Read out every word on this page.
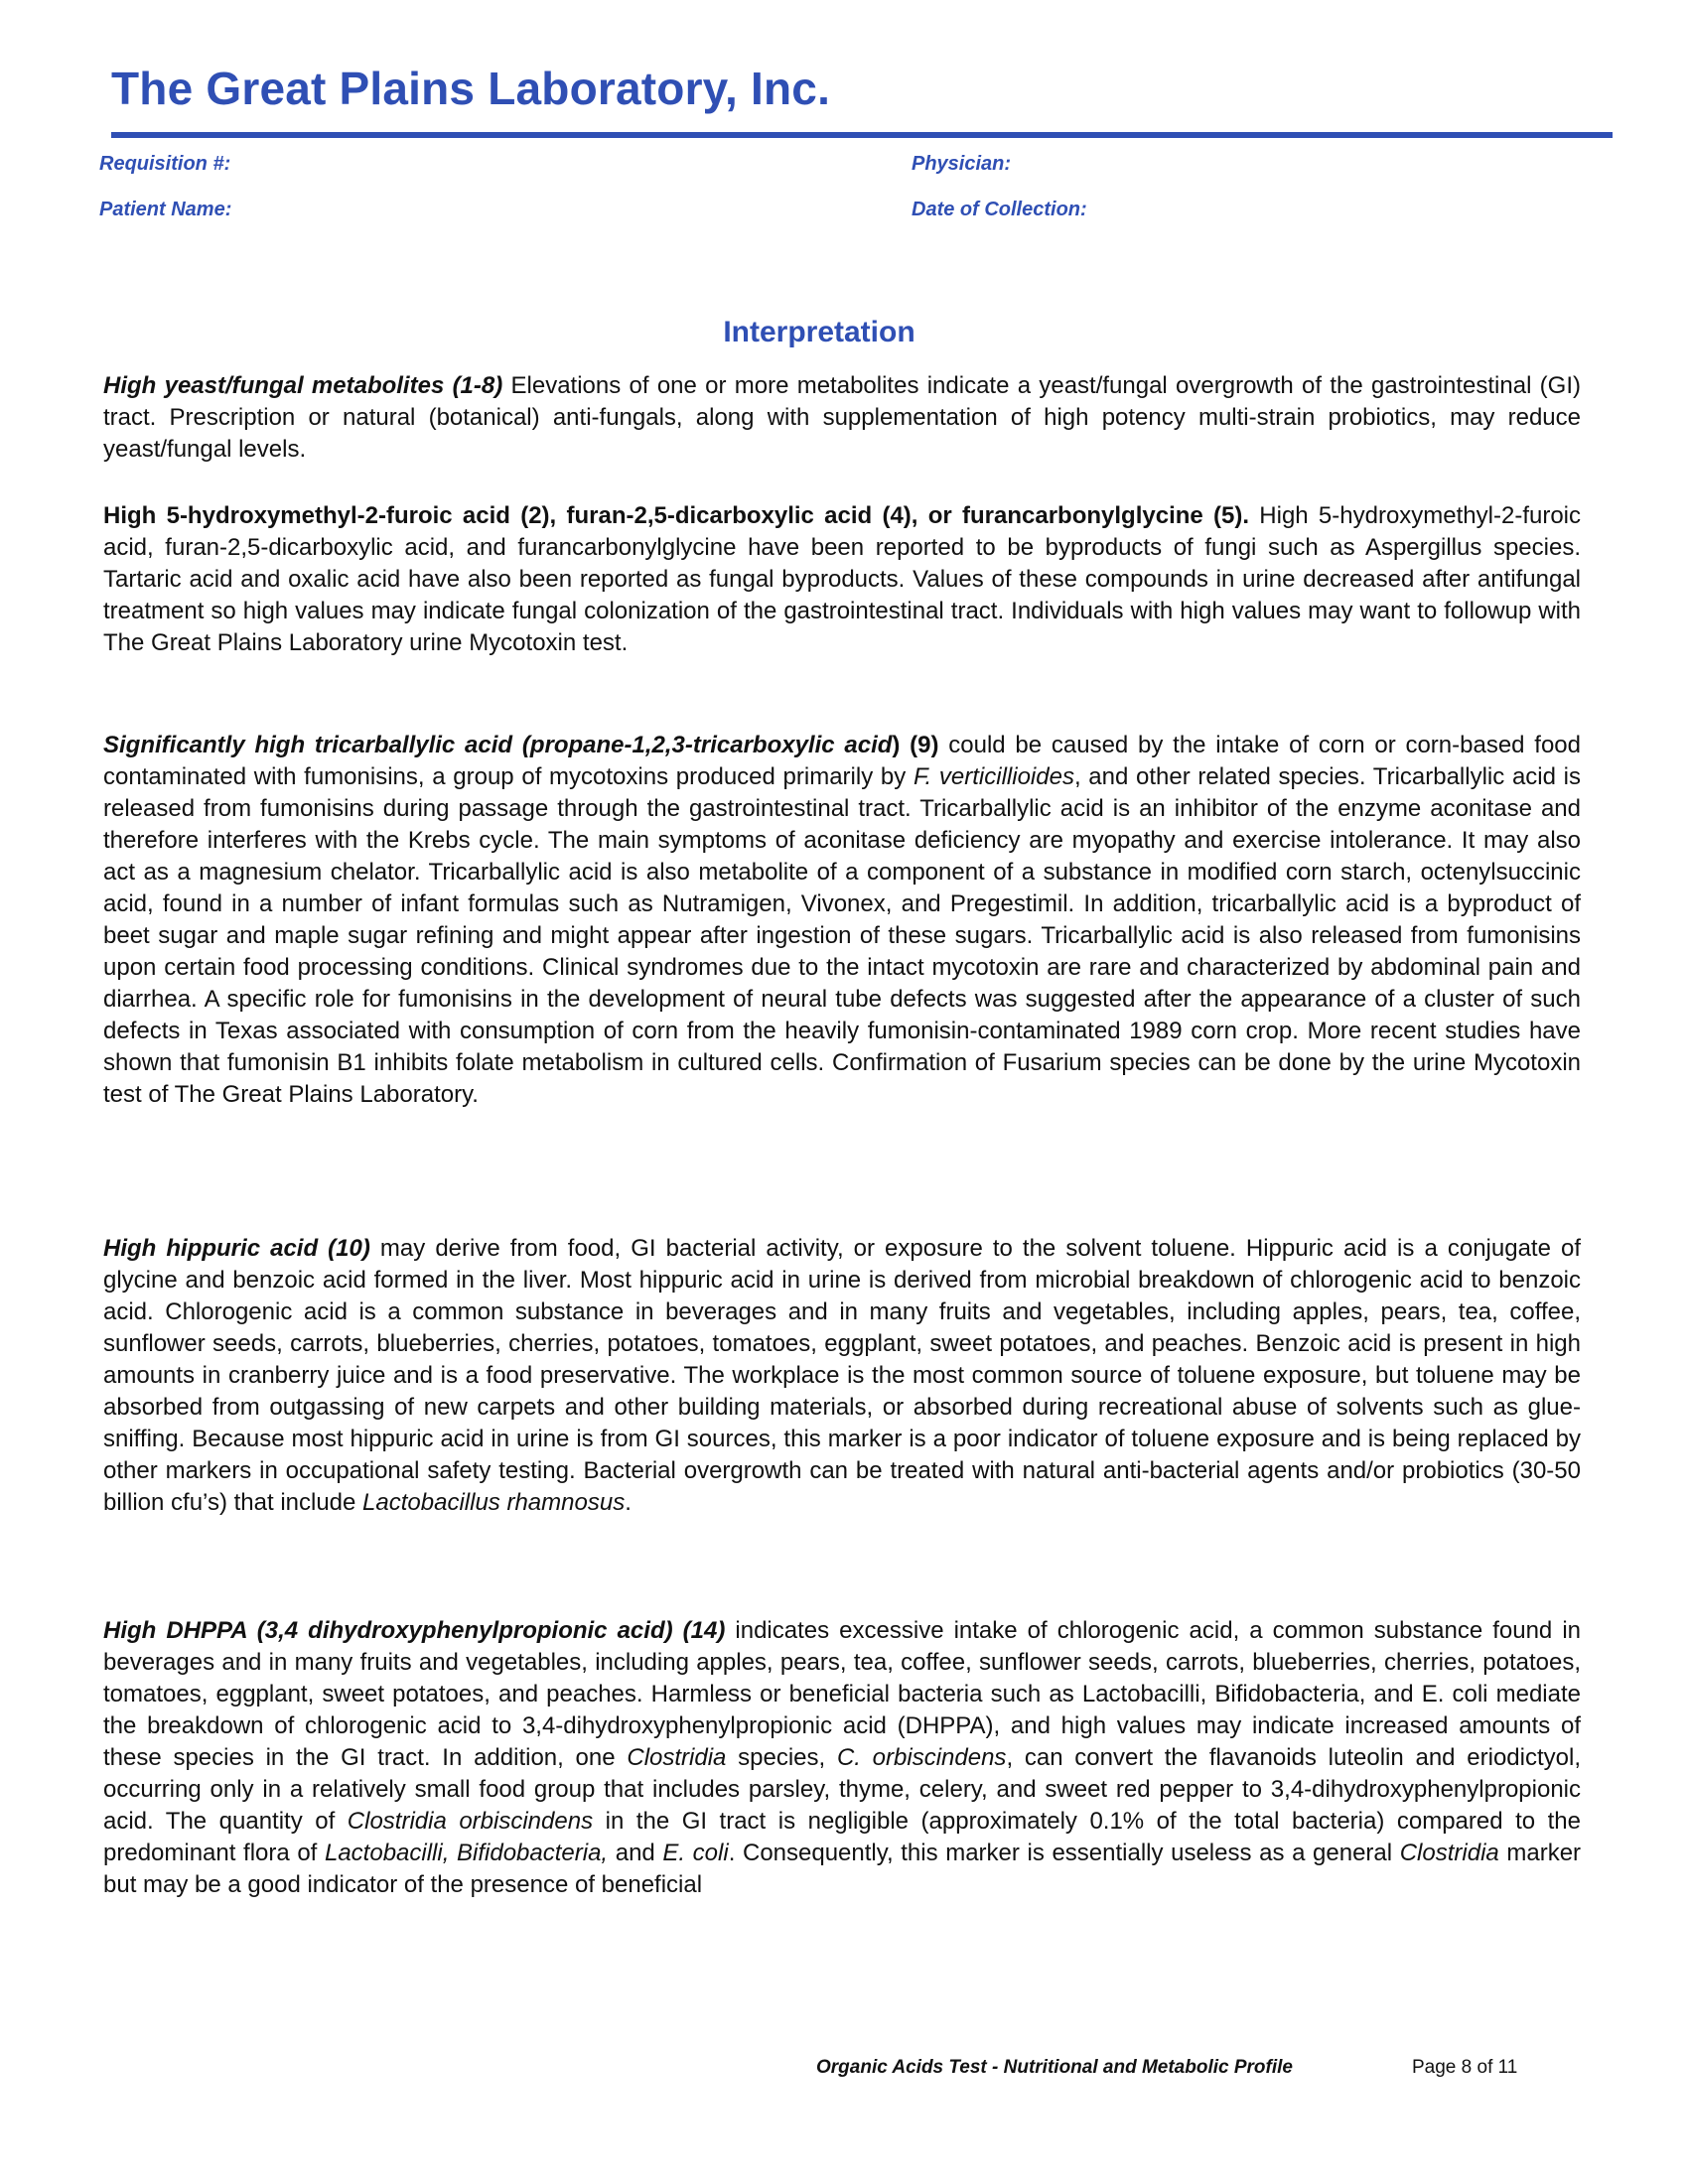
The Great Plains Laboratory, Inc.
Requisition #:	Physician:
Patient Name:	Date of Collection:
Interpretation

High yeast/fungal metabolites (1-8) Elevations of one or more metabolites indicate a yeast/fungal overgrowth of the gastrointestinal (GI) tract. Prescription or natural (botanical) anti-fungals, along with supplementation of high potency multi-strain probiotics, may reduce yeast/fungal levels.

High 5-hydroxymethyl-2-furoic acid (2), furan-2,5-dicarboxylic acid (4), or furancarbonylglycine (5). High 5-hydroxymethyl-2-furoic acid, furan-2,5-dicarboxylic acid, and furancarbonylglycine have been reported to be byproducts of fungi such as Aspergillus species. Tartaric acid and oxalic acid have also been reported as fungal byproducts. Values of these compounds in urine decreased after antifungal treatment so high values may indicate fungal colonization of the gastrointestinal tract. Individuals with high values may want to followup with The Great Plains Laboratory urine Mycotoxin test.

Significantly high tricarballylic acid (propane-1,2,3-tricarboxylic acid) (9) could be caused by the intake of corn or corn-based food contaminated with fumonisins, a group of mycotoxins produced primarily by F. verticillioides, and other related species. Tricarballylic acid is released from fumonisins during passage through the gastrointestinal tract. Tricarballylic acid is an inhibitor of the enzyme aconitase and therefore interferes with the Krebs cycle. The main symptoms of aconitase deficiency are myopathy and exercise intolerance. It may also act as a magnesium chelator. Tricarballylic acid is also metabolite of a component of a substance in modified corn starch, octenylsuccinic acid, found in a number of infant formulas such as Nutramigen, Vivonex, and Pregestimil. In addition, tricarballylic acid is a byproduct of beet sugar and maple sugar refining and might appear after ingestion of these sugars. Tricarballylic acid is also released from fumonisins upon certain food processing conditions. Clinical syndromes due to the intact mycotoxin are rare and characterized by abdominal pain and diarrhea. A specific role for fumonisins in the development of neural tube defects was suggested after the appearance of a cluster of such defects in Texas associated with consumption of corn from the heavily fumonisin-contaminated 1989 corn crop. More recent studies have shown that fumonisin B1 inhibits folate metabolism in cultured cells. Confirmation of Fusarium species can be done by the urine Mycotoxin test of The Great Plains Laboratory.

High hippuric acid (10) may derive from food, GI bacterial activity, or exposure to the solvent toluene. Hippuric acid is a conjugate of glycine and benzoic acid formed in the liver. Most hippuric acid in urine is derived from microbial breakdown of chlorogenic acid to benzoic acid. Chlorogenic acid is a common substance in beverages and in many fruits and vegetables, including apples, pears, tea, coffee, sunflower seeds, carrots, blueberries, cherries, potatoes, tomatoes, eggplant, sweet potatoes, and peaches. Benzoic acid is present in high amounts in cranberry juice and is a food preservative. The workplace is the most common source of toluene exposure, but toluene may be absorbed from outgassing of new carpets and other building materials, or absorbed during recreational abuse of solvents such as glue-sniffing. Because most hippuric acid in urine is from GI sources, this marker is a poor indicator of toluene exposure and is being replaced by other markers in occupational safety testing. Bacterial overgrowth can be treated with natural anti-bacterial agents and/or probiotics (30-50 billion cfu’s) that include Lactobacillus rhamnosus.

High DHPPA (3,4 dihydroxyphenylpropionic acid) (14) indicates excessive intake of chlorogenic acid, a common substance found in beverages and in many fruits and vegetables, including apples, pears, tea, coffee, sunflower seeds, carrots, blueberries, cherries, potatoes, tomatoes, eggplant, sweet potatoes, and peaches. Harmless or beneficial bacteria such as Lactobacilli, Bifidobacteria, and E. coli mediate the breakdown of chlorogenic acid to 3,4-dihydroxyphenylpropionic acid (DHPPA), and high values may indicate increased amounts of these species in the GI tract. In addition, one Clostridia species, C. orbiscindens, can convert the flavanoids luteolin and eriodictyol, occurring only in a relatively small food group that includes parsley, thyme, celery, and sweet red pepper to 3,4-dihydroxyphenylpropionic acid. The quantity of Clostridia orbiscindens in the GI tract is negligible (approximately 0.1% of the total bacteria) compared to the predominant flora of Lactobacilli, Bifidobacteria, and E. coli. Consequently, this marker is essentially useless as a general Clostridia marker but may be a good indicator of the presence of beneficial

Organic Acids Test - Nutritional and Metabolic Profile	Page 8 of 11
